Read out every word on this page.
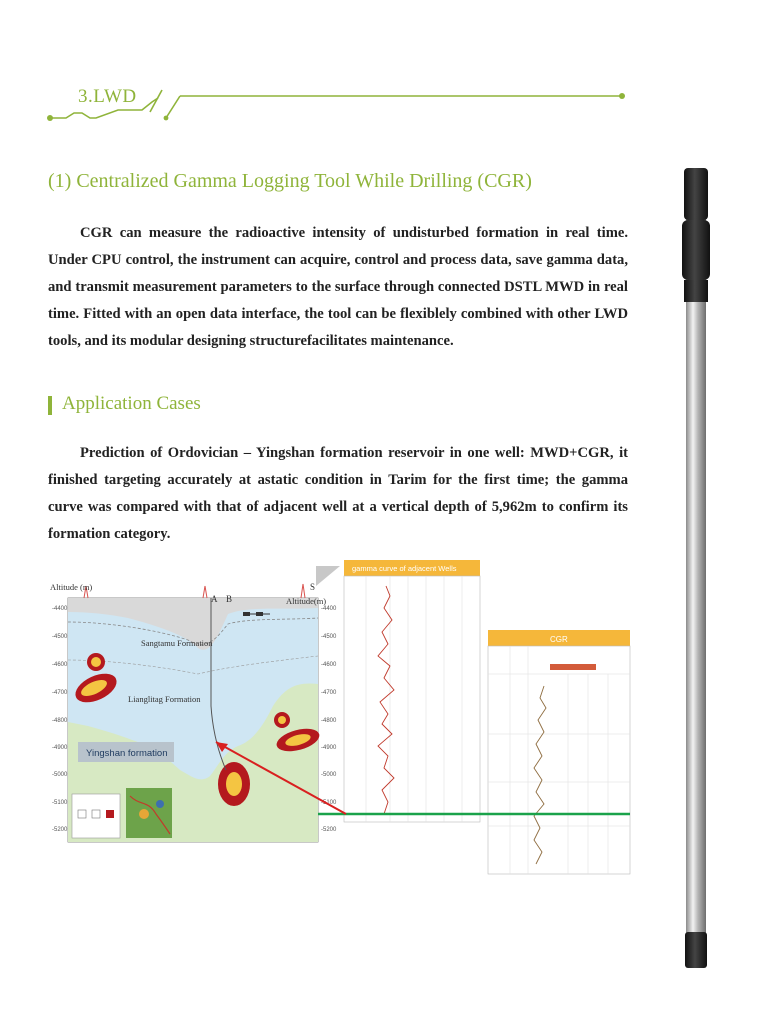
3.LWD
(1) Centralized Gamma Logging Tool While Drilling (CGR)

CGR can measure the radioactive intensity of undisturbed formation in real time. Under CPU control, the instrument can acquire, control and process data, save gamma data, and transmit measurement parameters to the surface through connected DSTL MWD in real time. Fitted with an open data interface, the tool can be flexiblely combined with other LWD tools, and its modular designing structurefacilitates maintenance.

Application Cases

Prediction of Ordovician – Yingshan formation reservoir in one well: MWD+CGR, it finished targeting accurately at astatic condition in Tarim for the first time; the gamma curve was compared with that of adjacent well at a vertical depth of 5,962m to confirm its formation category.

Sangtamu Formation
Lianglitag Formation
Yingshan formation
A B
S
Altitude (m)
Altitude(m)
-4400
-4500
-4600
-4700
-4800
-4900
-5000
-5100
-5200
-4400
-4500
-4600
-4700
-4800
-4900
-5000
-5100
-5200
gamma curve of adjacent Wells
CGR
